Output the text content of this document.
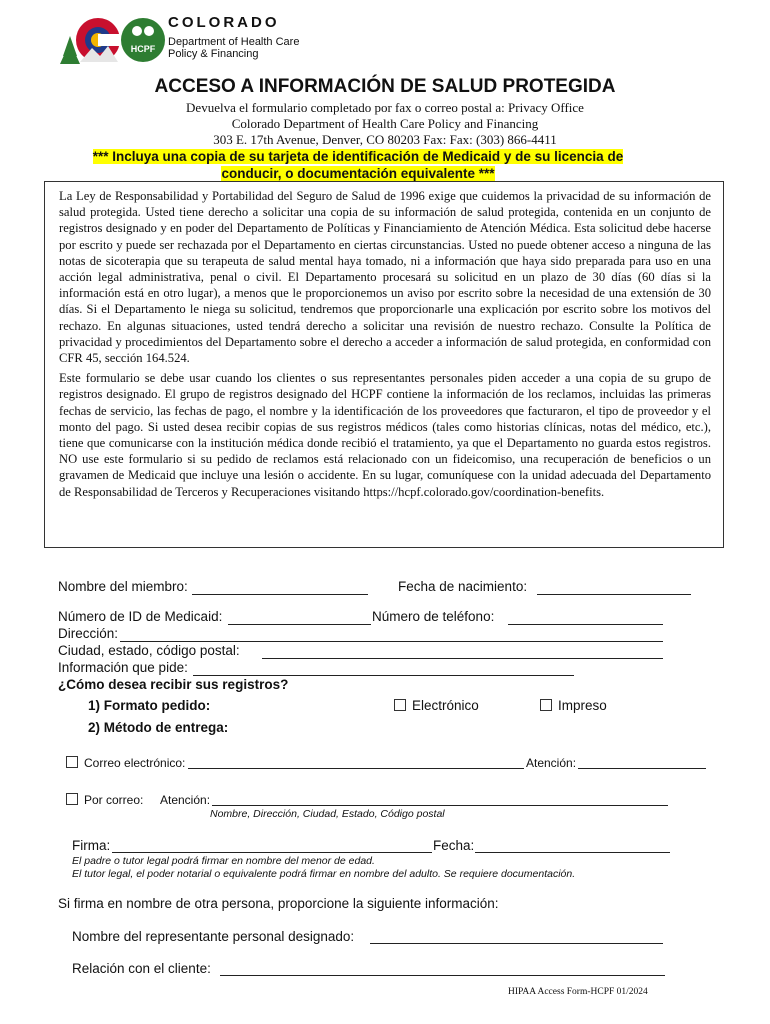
HCPF
COLORADO
Department of Health Care
Policy & Financing
ACCESO A INFORMACIÓN DE SALUD PROTEGIDA
Devuelva el formulario completado por fax o correo postal a: Privacy Office
Colorado Department of Health Care Policy and Financing
303 E. 17th Avenue, Denver, CO 80203 Fax: Fax: (303) 866-4411
*** Incluya una copia de su tarjeta de identificación de Medicaid y de su licencia de conducir, o documentación equivalente ***

La Ley de Responsabilidad y Portabilidad del Seguro de Salud de 1996 exige que cuidemos la privacidad de su información de salud protegida. Usted tiene derecho a solicitar una copia de su información de salud protegida, contenida en un conjunto de registros designado y en poder del Departamento de Políticas y Financiamiento de Atención Médica. Esta solicitud debe hacerse por escrito y puede ser rechazada por el Departamento en ciertas circunstancias. Usted no puede obtener acceso a ninguna de las notas de sicoterapia que su terapeuta de salud mental haya tomado, ni a información que haya sido preparada para uso en una acción legal administrativa, penal o civil. El Departamento procesará su solicitud en un plazo de 30 días (60 días si la información está en otro lugar), a menos que le proporcionemos un aviso por escrito sobre la necesidad de una extensión de 30 días. Si el Departamento le niega su solicitud, tendremos que proporcionarle una explicación por escrito sobre los motivos del rechazo. En algunas situaciones, usted tendrá derecho a solicitar una revisión de nuestro rechazo. Consulte la Política de privacidad y procedimientos del Departamento sobre el derecho a acceder a información de salud protegida, en conformidad con CFR 45, sección 164.524.

Este formulario se debe usar cuando los clientes o sus representantes personales piden acceder a una copia de su grupo de registros designado. El grupo de registros designado del HCPF contiene la información de los reclamos, incluidas las primeras fechas de servicio, las fechas de pago, el nombre y la identificación de los proveedores que facturaron, el tipo de proveedor y el monto del pago. Si usted desea recibir copias de sus registros médicos (tales como historias clínicas, notas del médico, etc.), tiene que comunicarse con la institución médica donde recibió el tratamiento, ya que el Departamento no guarda estos registros. NO use este formulario si su pedido de reclamos está relacionado con un fideicomiso, una recuperación de beneficios o un gravamen de Medicaid que incluye una lesión o accidente. En su lugar, comuníquese con la unidad adecuada del Departamento de Responsabilidad de Terceros y Recuperaciones visitando https://hcpf.colorado.gov/coordination-benefits.

Nombre del miembro:	Fecha de nacimiento:
Número de ID de Medicaid:	Número de teléfono:
Dirección:
Ciudad, estado, código postal:
Información que pide:
¿Cómo desea recibir sus registros?
1) Formato pedido:	Electrónico	Impreso
2) Método de entrega:
Correo electrónico:	Atención:
Por correo: Atención:
Nombre, Dirección, Ciudad, Estado, Código postal
Firma:	Fecha:
El padre o tutor legal podrá firmar en nombre del menor de edad.
El tutor legal, el poder notarial o equivalente podrá firmar en nombre del adulto. Se requiere documentación.
Si firma en nombre de otra persona, proporcione la siguiente información:
Nombre del representante personal designado:
Relación con el cliente:
HIPAA Access Form-HCPF 01/2024
